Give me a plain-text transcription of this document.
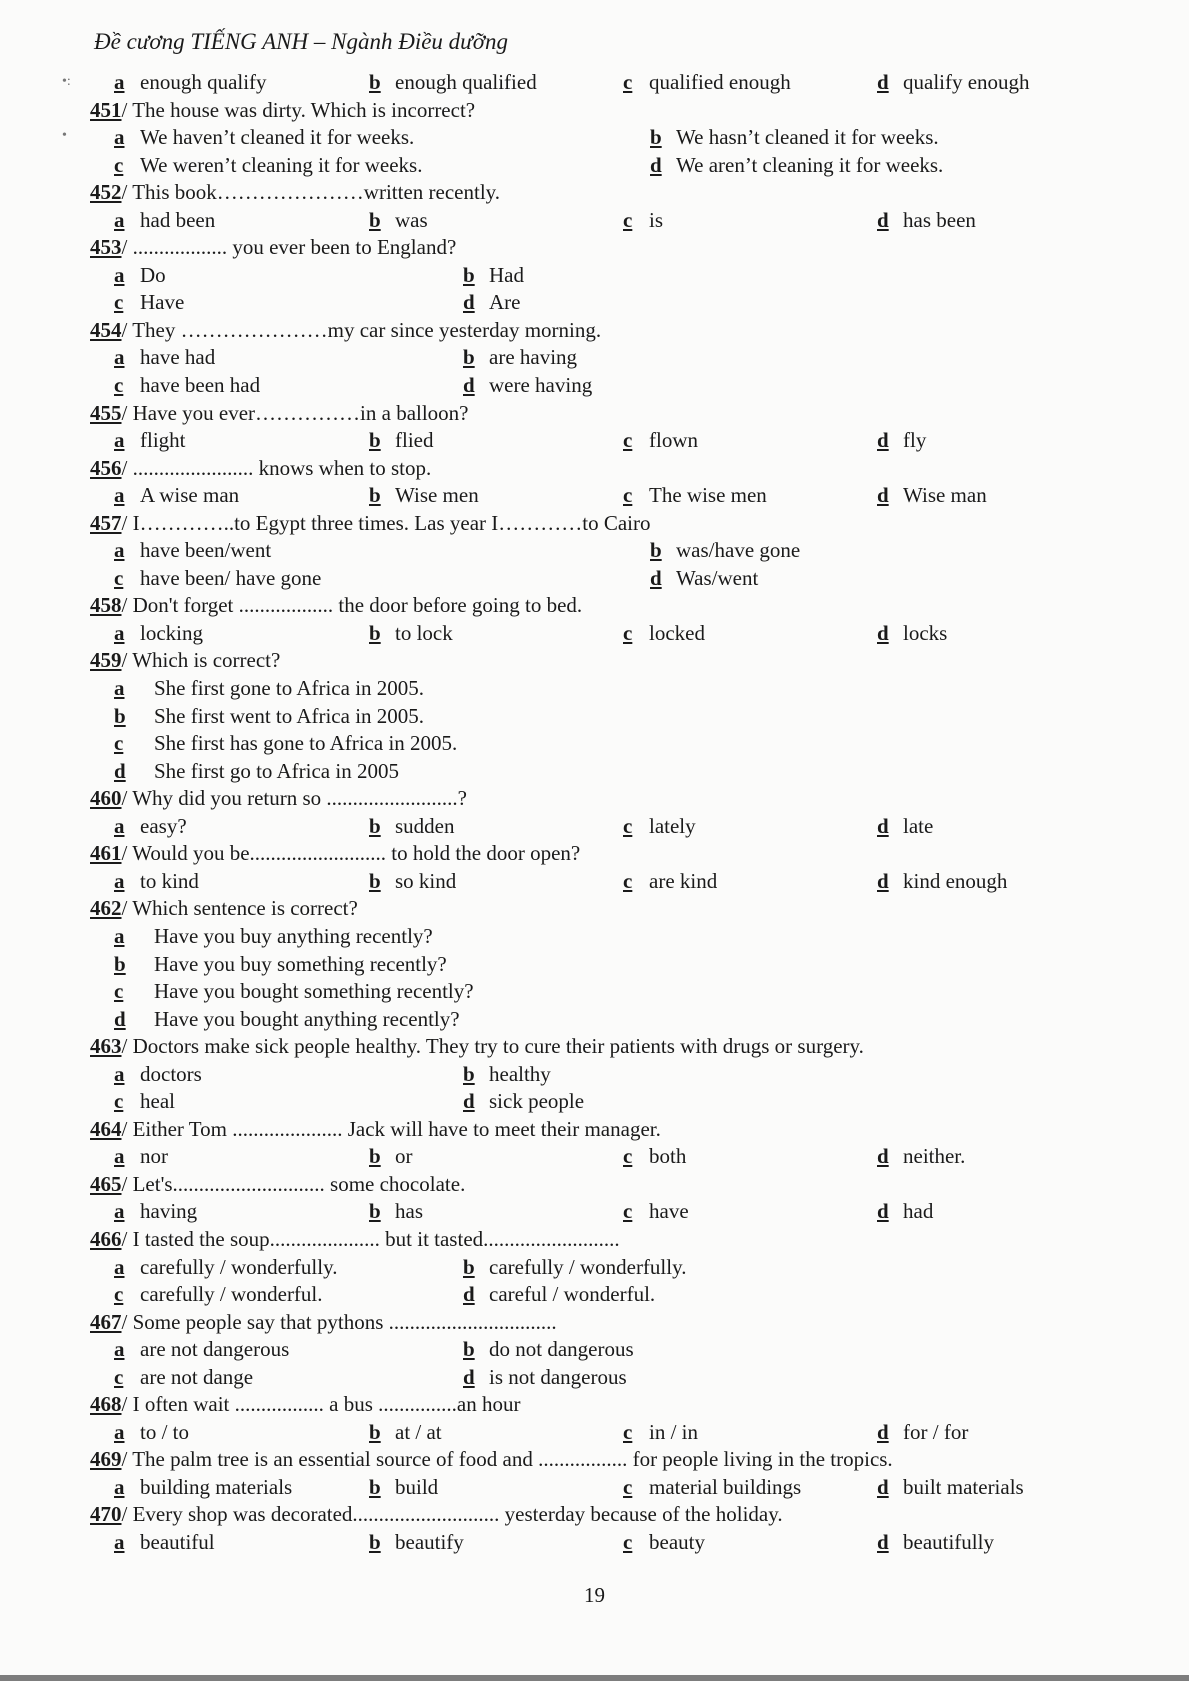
Đề cương TIẾNG ANH – Ngành Điều dưỡng
a enough qualify	b enough qualified	c qualified enough	d qualify enough
451/ The house was dirty. Which is incorrect?
a We haven’t cleaned it for weeks.	b We hasn’t cleaned it for weeks.
c We weren’t cleaning it for weeks.	d We aren’t cleaning it for weeks.
452/ This book…………………written recently.
a had been	b was	c is	d has been
453/ .................. you ever been to England?
a Do	b Had
c Have	d Are
454/ They …………………my car since yesterday morning.
a have had	b are having
c have been had	d were having
455/ Have you ever……………in a balloon?
a flight	b flied	c flown	d fly
456/ ....................... knows when to stop.
a A wise man	b Wise men	c The wise men	d Wise man
457/ I…………..to Egypt three times. Las year I…………to Cairo
a have been/went	b was/have gone
c have been/ have gone	d Was/went
458/ Don't forget .................. the door before going to bed.
a locking	b to lock	c locked	d locks
459/ Which is correct?
a She first gone to Africa in 2005.
b She first went to Africa in 2005.
c She first has gone to Africa in 2005.
d She first go to Africa in 2005
460/ Why did you return so .........................?
a easy?	b sudden	c lately	d late
461/ Would you be.......................... to hold the door open?
a to kind	b so kind	c are kind	d kind enough
462/ Which sentence is correct?
a Have you buy anything recently?
b Have you buy something recently?
c Have you bought something recently?
d Have you bought anything recently?
463/ Doctors make sick people healthy. They try to cure their patients with drugs or surgery.
a doctors	b healthy
c heal	d sick people
464/ Either Tom ..................... Jack will have to meet their manager.
a nor	b or	c both	d neither.
465/ Let's............................. some chocolate.
a having	b has	c have	d had
466/ I tasted the soup..................... but it tasted..........................
a carefully / wonderfully.	b carefully / wonderfully.
c carefully / wonderful.	d careful / wonderful.
467/ Some people say that pythons ................................
a are not dangerous	b do not dangerous
c are not dange	d is not dangerous
468/ I often wait ................. a bus ...............an hour
a to / to	b at / at	c in / in	d for / for
469/ The palm tree is an essential source of food and ................. for people living in the tropics.
a building materials	b build	c material buildings	d built materials
470/ Every shop was decorated............................ yesterday because of the holiday.
a beautiful	b beautify	c beauty	d beautifully
19
•:
•
